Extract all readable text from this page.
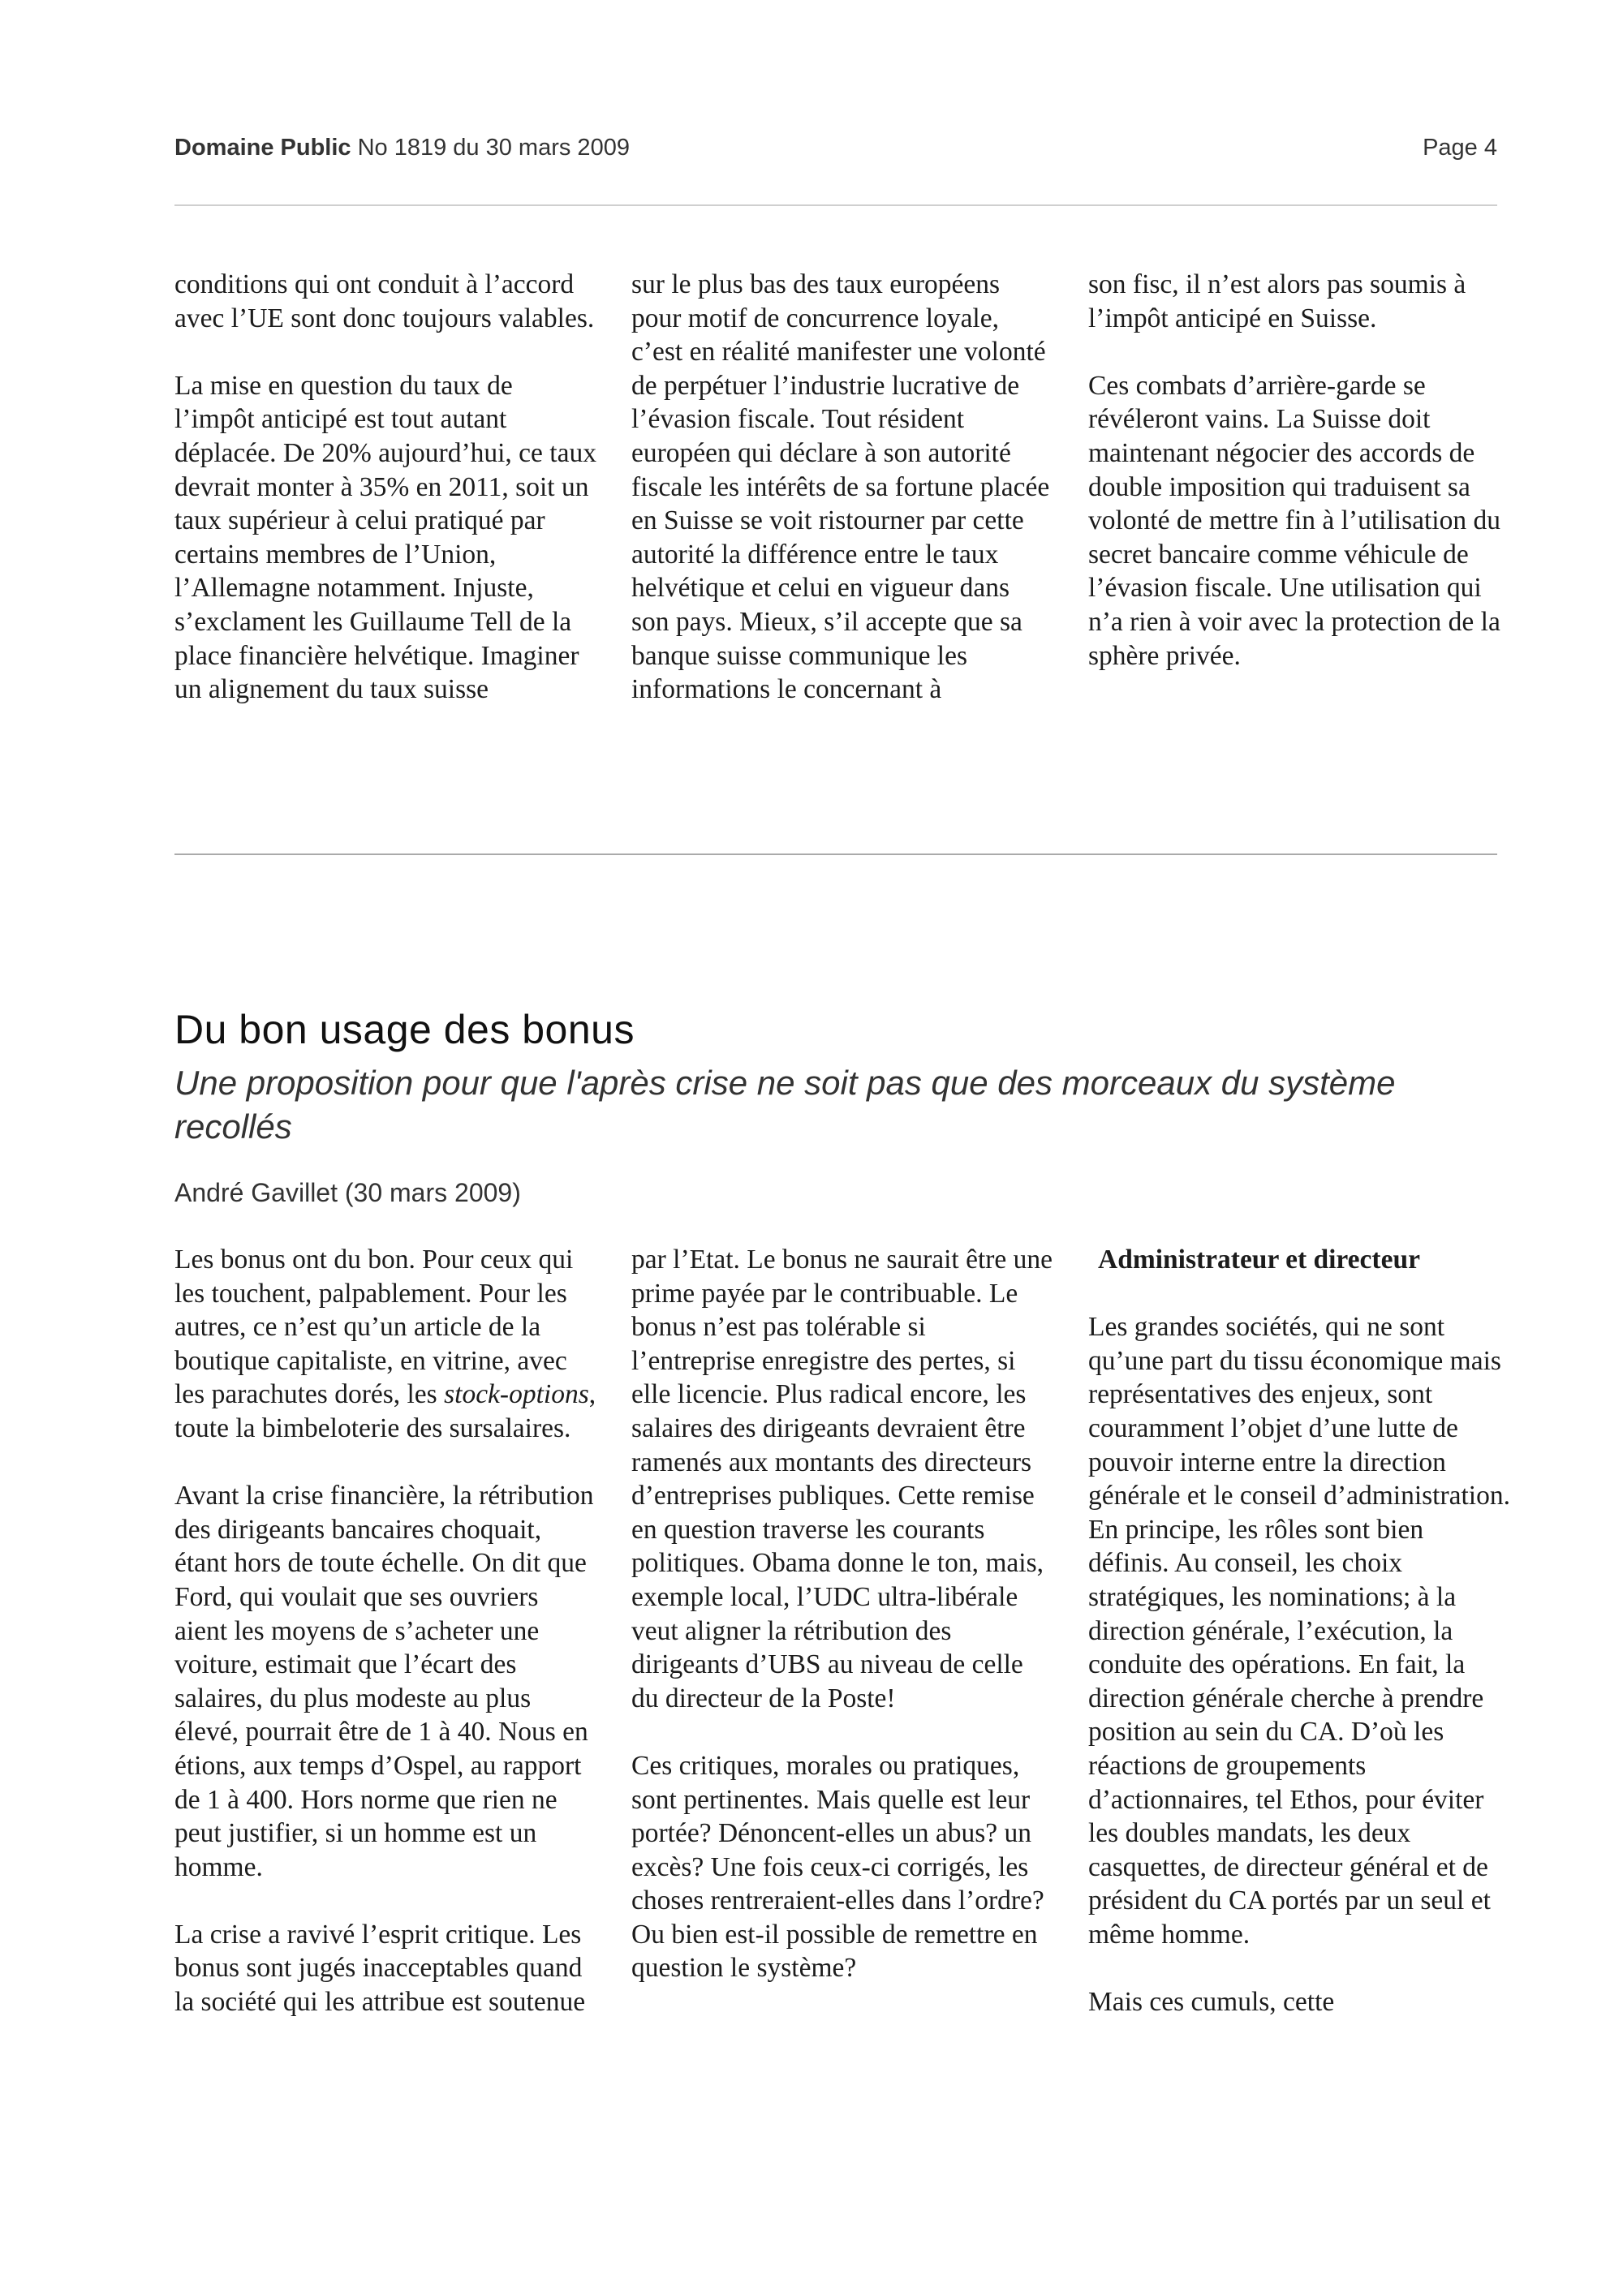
Domaine Public No 1819 du 30 mars 2009	Page 4

conditions qui ont conduit à l’accord avec l’UE sont donc toujours valables.

La mise en question du taux de l’impôt anticipé est tout autant déplacée. De 20% aujourd’hui, ce taux devrait monter à 35% en 2011, soit un taux supérieur à celui pratiqué par certains membres de l’Union, l’Allemagne notamment. Injuste, s’exclament les Guillaume Tell de la place financière helvétique. Imaginer un alignement du taux suisse

sur le plus bas des taux européens pour motif de concurrence loyale, c’est en réalité manifester une volonté de perpétuer l’industrie lucrative de l’évasion fiscale. Tout résident européen qui déclare à son autorité fiscale les intérêts de sa fortune placée en Suisse se voit ristourner par cette autorité la différence entre le taux helvétique et celui en vigueur dans son pays. Mieux, s’il accepte que sa banque suisse communique les informations le concernant à

son fisc, il n’est alors pas soumis à l’impôt anticipé en Suisse.

Ces combats d’arrière-garde se révéleront vains. La Suisse doit maintenant négocier des accords de double imposition qui traduisent sa volonté de mettre fin à l’utilisation du secret bancaire comme véhicule de l’évasion fiscale. Une utilisation qui n’a rien à voir avec la protection de la sphère privée.

Du bon usage des bonus

Une proposition pour que l'après crise ne soit pas que des morceaux du système recollés

André Gavillet (30 mars 2009)

Les bonus ont du bon. Pour ceux qui les touchent, palpablement. Pour les autres, ce n’est qu’un article de la boutique capitaliste, en vitrine, avec les parachutes dorés, les stock-options, toute la bimbeloterie des sursalaires.

Avant la crise financière, la rétribution des dirigeants bancaires choquait, étant hors de toute échelle. On dit que Ford, qui voulait que ses ouvriers aient les moyens de s’acheter une voiture, estimait que l’écart des salaires, du plus modeste au plus élevé, pourrait être de 1 à 40. Nous en étions, aux temps d’Ospel, au rapport de 1 à 400. Hors norme que rien ne peut justifier, si un homme est un homme.

La crise a ravivé l’esprit critique. Les bonus sont jugés inacceptables quand la société qui les attribue est soutenue

par l’Etat. Le bonus ne saurait être une prime payée par le contribuable. Le bonus n’est pas tolérable si l’entreprise enregistre des pertes, si elle licencie. Plus radical encore, les salaires des dirigeants devraient être ramenés aux montants des directeurs d’entreprises publiques. Cette remise en question traverse les courants politiques. Obama donne le ton, mais, exemple local, l’UDC ultra-libérale veut aligner la rétribution des dirigeants d’UBS au niveau de celle du directeur de la Poste!

Ces critiques, morales ou pratiques, sont pertinentes. Mais quelle est leur portée? Dénoncent-elles un abus? un excès? Une fois ceux-ci corrigés, les choses rentreraient-elles dans l’ordre? Ou bien est-il possible de remettre en question le système?

Administrateur et directeur

Les grandes sociétés, qui ne sont qu’une part du tissu économique mais représentatives des enjeux, sont couramment l’objet d’une lutte de pouvoir interne entre la direction générale et le conseil d’administration. En principe, les rôles sont bien définis. Au conseil, les choix stratégiques, les nominations; à la direction générale, l’exécution, la conduite des opérations. En fait, la direction générale cherche à prendre position au sein du CA. D’où les réactions de groupements d’actionnaires, tel Ethos, pour éviter les doubles mandats, les deux casquettes, de directeur général et de président du CA portés par un seul et même homme.

Mais ces cumuls, cette
